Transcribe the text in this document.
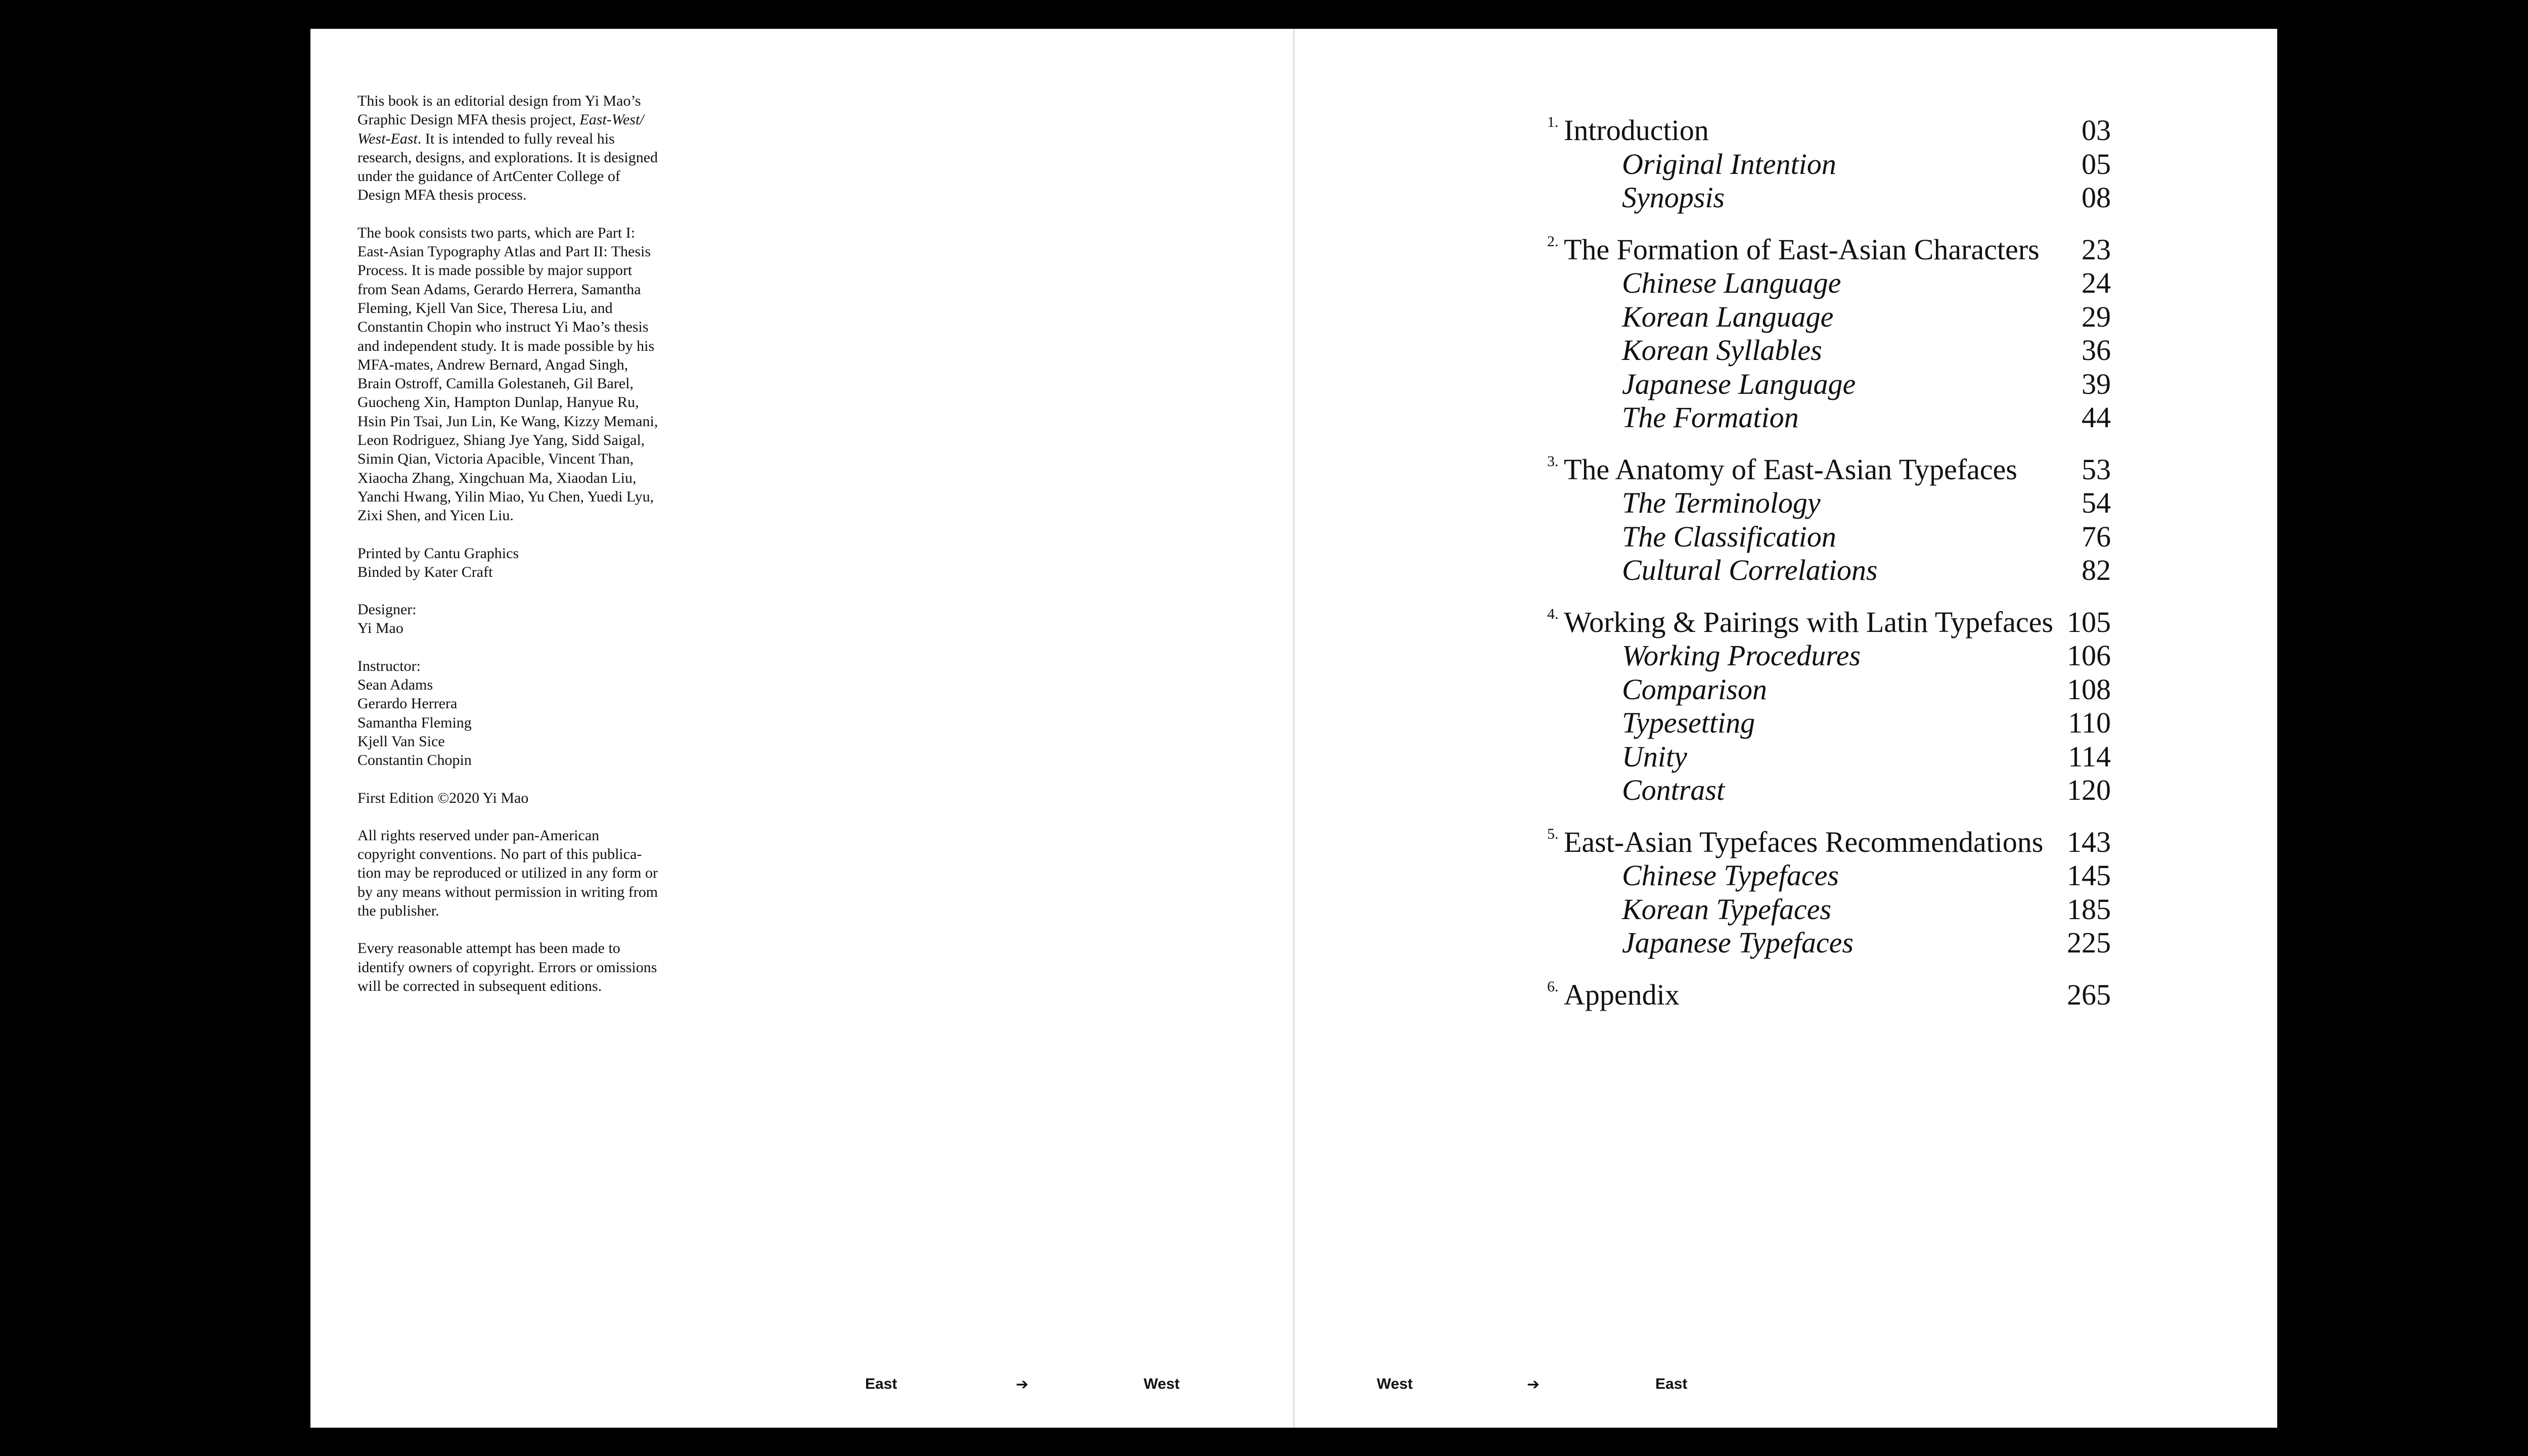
This book is an editorial design from Yi Mao’s
Graphic Design MFA thesis project, East-West/
West-East. It is intended to fully reveal his
research, designs, and explorations. It is designed
under the guidance of ArtCenter College of
Design MFA thesis process.

The book consists two parts, which are Part I:
East-Asian Typography Atlas and Part II: Thesis
Process. It is made possible by major support
from Sean Adams, Gerardo Herrera, Samantha
Fleming, Kjell Van Sice, Theresa Liu, and
Constantin Chopin who instruct Yi Mao’s thesis
and independent study. It is made possible by his
MFA-mates, Andrew Bernard, Angad Singh,
Brain Ostroff, Camilla Golestaneh, Gil Barel,
Guocheng Xin, Hampton Dunlap, Hanyue Ru,
Hsin Pin Tsai, Jun Lin, Ke Wang, Kizzy Memani,
Leon Rodriguez, Shiang Jye Yang, Sidd Saigal,
Simin Qian, Victoria Apacible, Vincent Than,
Xiaocha Zhang, Xingchuan Ma, Xiaodan Liu,
Yanchi Hwang, Yilin Miao, Yu Chen, Yuedi Lyu,
Zixi Shen, and Yicen Liu.

Printed by Cantu Graphics
Binded by Kater Craft

Designer:
Yi Mao

Instructor:
Sean Adams
Gerardo Herrera
Samantha Fleming
Kjell Van Sice
Constantin Chopin

First Edition ©2020 Yi Mao

All rights reserved under pan-American
copyright conventions. No part of this publica-
tion may be reproduced or utilized in any form or
by any means without permission in writing from
the publisher.

Every reasonable attempt has been made to
identify owners of copyright. Errors or omissions
will be corrected in subsequent editions.

East	➔	West
1. Introduction	03
Original Intention	05
Synopsis	08
2. The Formation of East-Asian Characters 23
Chinese Language	24
Korean Language	29
Korean Syllables	36
Japanese Language	39
The Formation	44
3. The Anatomy of East-Asian Typefaces 53
The Terminology	54
The Classification	76
Cultural Correlations	82
4. Working & Pairings with Latin Typefaces 105
Working Procedures	106
Comparison	108
Typesetting	110
Unity	114
Contrast	120
5. East-Asian Typefaces Recommendations 143
Chinese Typefaces	145
Korean Typefaces	185
Japanese Typefaces	225
6. Appendix	265
West	➔	East
